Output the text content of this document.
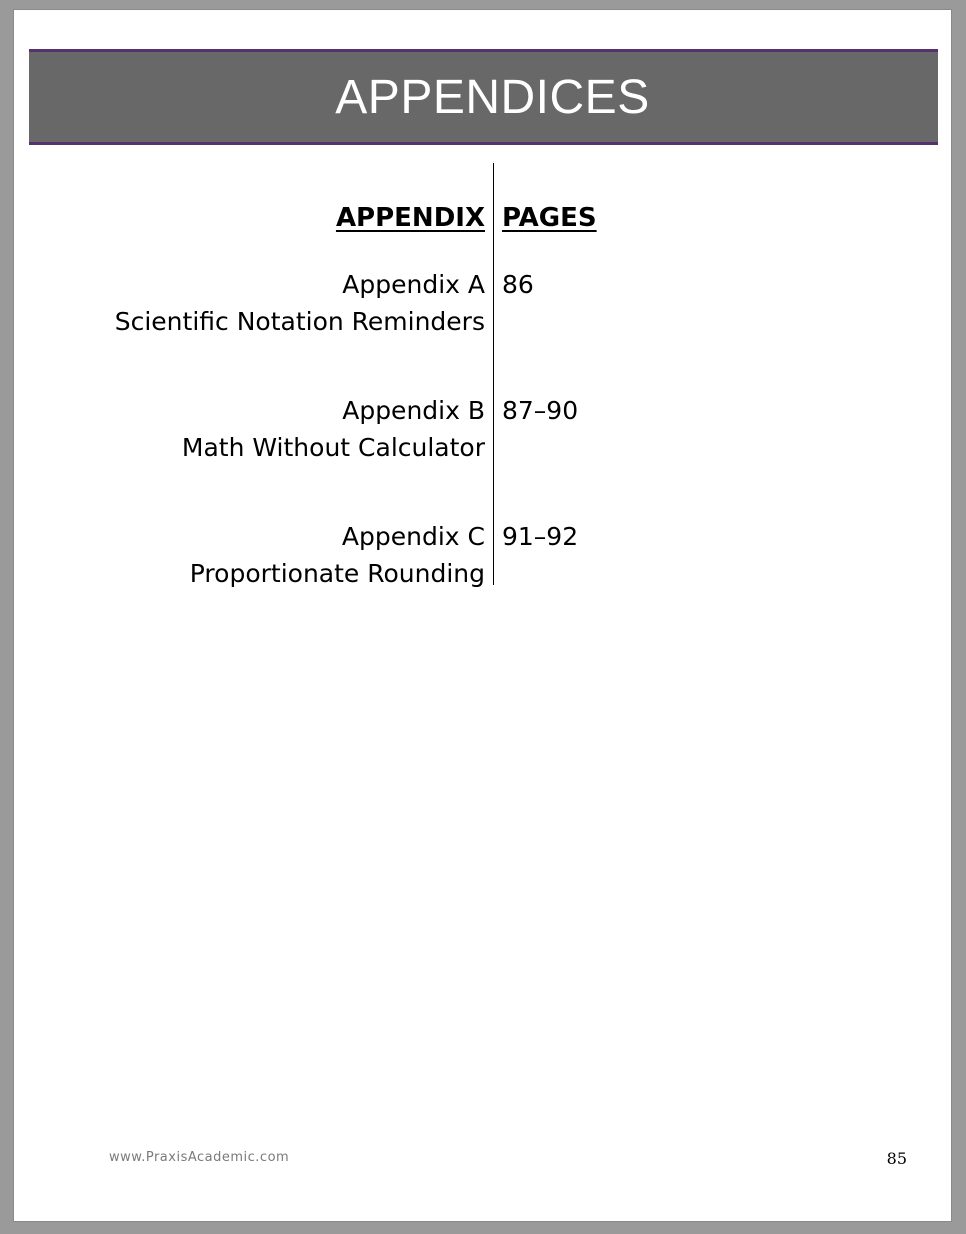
APPENDICES
APPENDIX
Appendix A
Scientific Notation Reminders
Appendix B
Math Without Calculator
Appendix C
Proportionate Rounding
PAGES
86
87–90
91–92
www.PraxisAcademic.com	85
